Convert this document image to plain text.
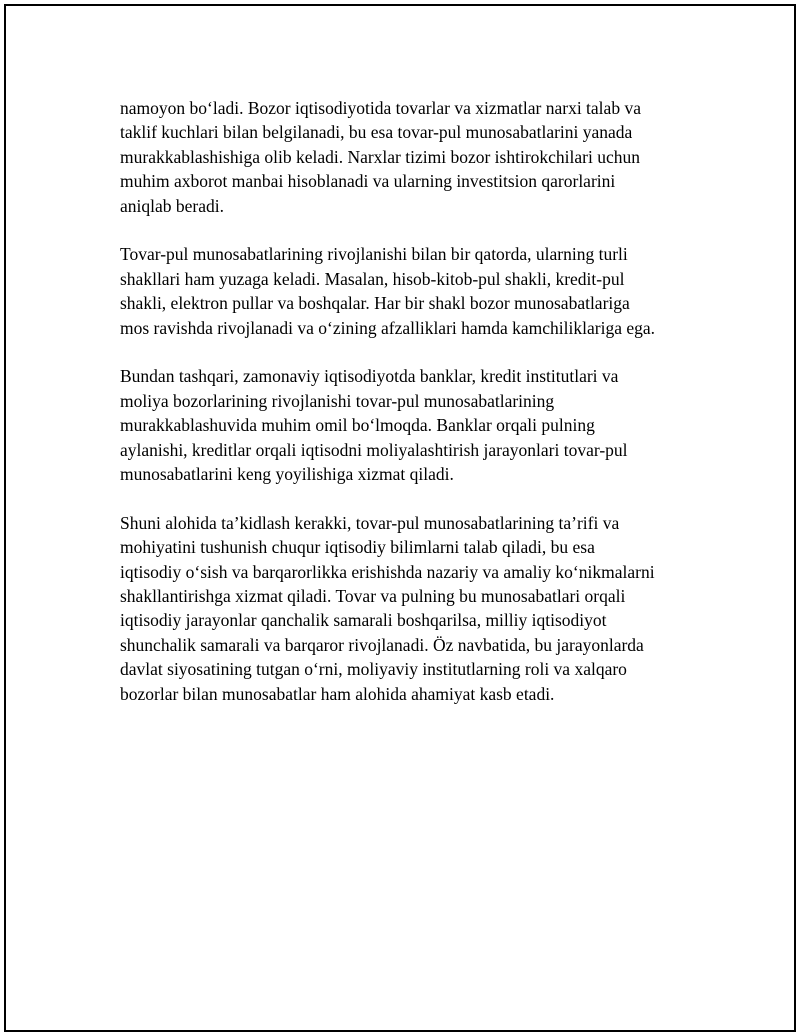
namoyon bo‘ladi. Bozor iqtisodiyotida tovarlar va xizmatlar narxi talab va
taklif kuchlari bilan belgilanadi, bu esa tovar-pul munosabatlarini yanada
murakkablashishiga olib keladi. Narxlar tizimi bozor ishtirokchilari uchun
muhim axborot manbai hisoblanadi va ularning investitsion qarorlarini
aniqlab beradi.

Tovar-pul munosabatlarining rivojlanishi bilan bir qatorda, ularning turli
shakllari ham yuzaga keladi. Masalan, hisob-kitob-pul shakli, kredit-pul
shakli, elektron pullar va boshqalar. Har bir shakl bozor munosabatlariga
mos ravishda rivojlanadi va o‘zining afzalliklari hamda kamchiliklariga ega.

Bundan tashqari, zamonaviy iqtisodiyotda banklar, kredit institutlari va
moliya bozorlarining rivojlanishi tovar-pul munosabatlarining
murakkablashuvida muhim omil bo‘lmoqda. Banklar orqali pulning
aylanishi, kreditlar orqali iqtisodni moliyalashtirish jarayonlari tovar-pul
munosabatlarini keng yoyilishiga xizmat qiladi.

Shuni alohida ta’kidlash kerakki, tovar-pul munosabatlarining ta’rifi va
mohiyatini tushunish chuqur iqtisodiy bilimlarni talab qiladi, bu esa
iqtisodiy o‘sish va barqarorlikka erishishda nazariy va amaliy ko‘nikmalarni
shakllantirishga xizmat qiladi. Tovar va pulning bu munosabatlari orqali
iqtisodiy jarayonlar qanchalik samarali boshqarilsa, milliy iqtisodiyot
shunchalik samarali va barqaror rivojlanadi. Öz navbatida, bu jarayonlarda
davlat siyosatining tutgan o‘rni, moliyaviy institutlarning roli va xalqaro
bozorlar bilan munosabatlar ham alohida ahamiyat kasb etadi.
